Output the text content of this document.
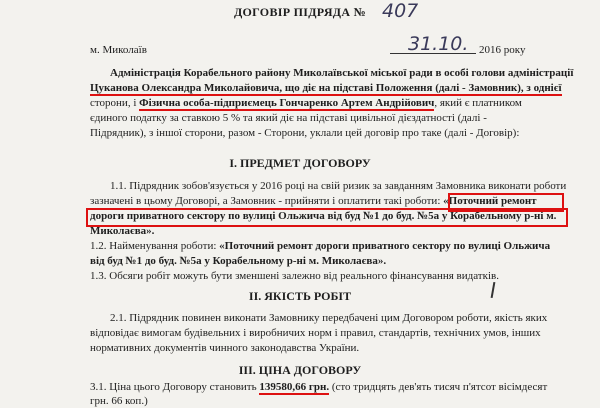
ДОГОВІР ПІДРЯДА № 407
м. Миколаїв	31.10. 2016 року
Адміністрація Корабельного району Миколаївської міської ради в особі голови адміністрації
Цуканова Олександра Миколайовича, що діє на підставі Положення (далі - Замовник), з однієї
сторони, і Фізична особа-підприємець Гончаренко Артем Андрійович, який є платником
єдиного податку за ставкою 5 % та який діє на підставі цивільної дієздатності (далі -
Підрядник), з іншої сторони, разом - Сторони, уклали цей договір про таке (далі - Договір):
I. ПРЕДМЕТ ДОГОВОРУ
1.1. Підрядник зобов'язується у 2016 році на свій ризик за завданням Замовника виконати роботи
зазначені в цьому Договорі, а Замовник - прийняти і оплатити такі роботи: «Поточний ремонт
дороги приватного сектору по вулиці Ольжича від буд №1 до буд. №5а у Корабельному р-ні м.
Миколаєва».
1.2. Найменування роботи: «Поточний ремонт дороги приватного сектору по вулиці Ольжича
від буд №1 до буд. №5а у Корабельному р-ні м. Миколаєва».
1.3. Обсяги робіт можуть бути зменшені залежно від реального фінансування видатків.
II. ЯКІСТЬ РОБІТ
2.1. Підрядник повинен виконати Замовнику передбачені цим Договором роботи, якість яких
відповідає вимогам будівельних і виробничих норм і правил, стандартів, технічних умов, інших
нормативних документів чинного законодавства України.
III. ЦІНА ДОГОВОРУ
3.1. Ціна цього Договору становить 139580,66 грн. (сто тридцять дев'ять тисяч п'ятсот вісімдесят
грн. 66 коп.)
